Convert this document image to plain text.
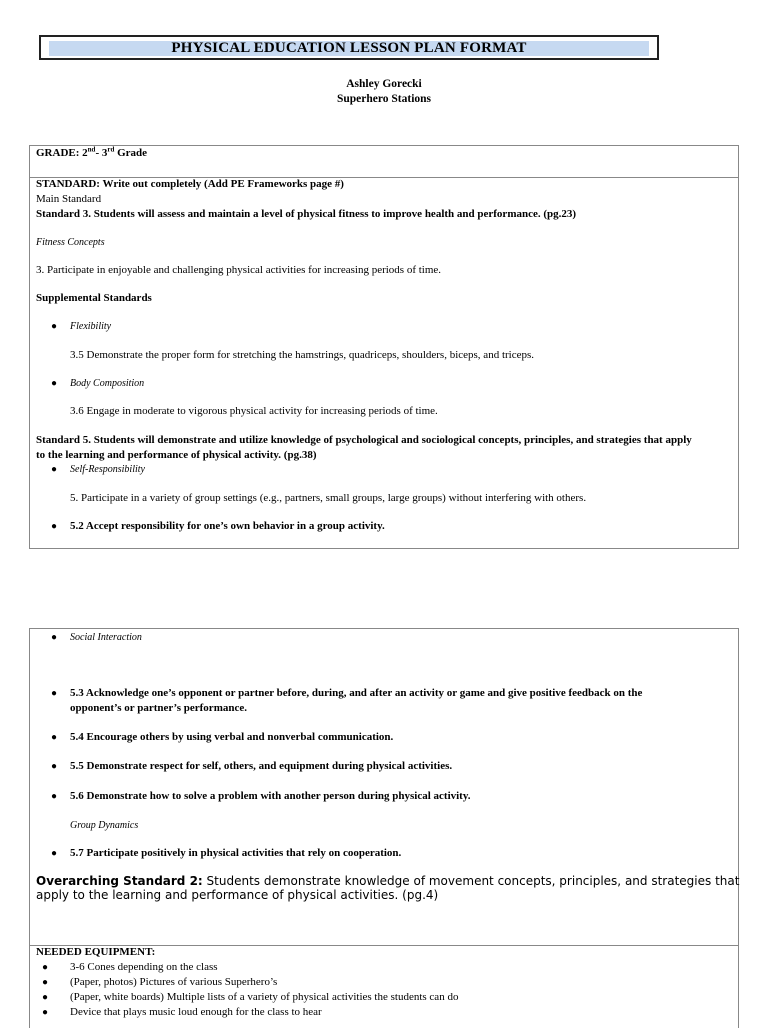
PHYSICAL EDUCATION LESSON PLAN FORMAT
Ashley Gorecki
Superhero Stations
GRADE: 2nd- 3rd Grade
STANDARD: Write out completely (Add PE Frameworks page #)
Main Standard
Standard 3. Students will assess and maintain a level of physical fitness to improve health and performance. (pg.23)
Fitness Concepts
3. Participate in enjoyable and challenging physical activities for increasing periods of time.
Supplemental Standards
● Flexibility
3.5 Demonstrate the proper form for stretching the hamstrings, quadriceps, shoulders, biceps, and triceps.
● Body Composition
3.6 Engage in moderate to vigorous physical activity for increasing periods of time.
Standard 5. Students will demonstrate and utilize knowledge of psychological and sociological concepts, principles, and strategies that apply
to the learning and performance of physical activity. (pg.38)
● Self-Responsibility
5. Participate in a variety of group settings (e.g., partners, small groups, large groups) without interfering with others.
● 5.2 Accept responsibility for one’s own behavior in a group activity.
● Social Interaction
● 5.3 Acknowledge one’s opponent or partner before, during, and after an activity or game and give positive feedback on the
opponent’s or partner’s performance.
● 5.4 Encourage others by using verbal and nonverbal communication.
● 5.5 Demonstrate respect for self, others, and equipment during physical activities.
● 5.6 Demonstrate how to solve a problem with another person during physical activity.
Group Dynamics
● 5.7 Participate positively in physical activities that rely on cooperation.
Overarching Standard 2: Students demonstrate knowledge of movement concepts, principles, and strategies that
apply to the learning and performance of physical activities. (pg.4)
NEEDED EQUIPMENT:
● 3-6 Cones depending on the class
● (Paper, photos) Pictures of various Superhero’s
● (Paper, white boards) Multiple lists of a variety of physical activities the students can do
● Device that plays music loud enough for the class to hear
